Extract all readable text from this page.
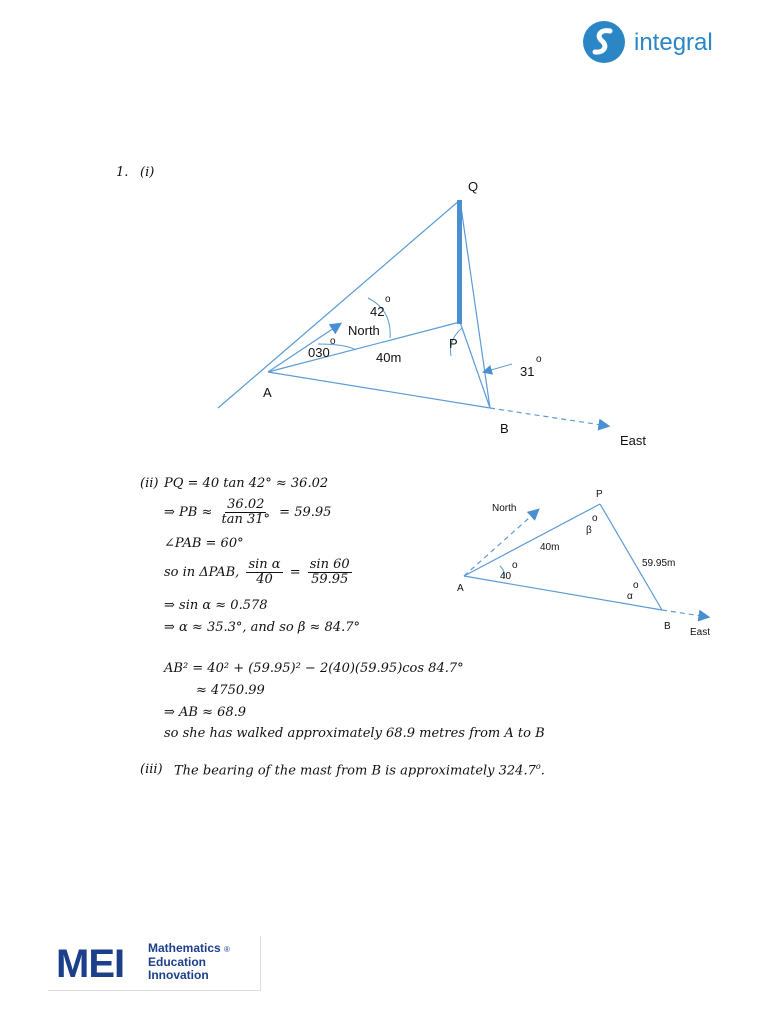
integral
1. (i)
Q
P
A
B
North
East
42
o
030
o
40m
31
o
(ii) PQ = 40 tan 42° ≈ 36.02
⇒ PB ≈ $\frac{36.02}{\tan 31^\circ} = 59.95$
∠PAB = 60°
so in ΔPAB, $\frac{\text{sin α}}{40} = \frac{\sin 60}{59.95}$
⇒ sin α ≈ 0.578
⇒ α ≈ 35.3°, and so β ≈ 84.7°
AB² = 40² + (59.95)² − 2(40)(59.95)cos 84.7°
≈ 4750.99
⇒ AB ≈ 68.9
so she has walked approximately 68.9 metres from A to B
North
P
A
B
East
40m
59.95m
40
o
β
o
α
o
(iii) The bearing of the mast from B is approximately 324.7$^o$.
MEI Mathematics ®
Education
Innovation
